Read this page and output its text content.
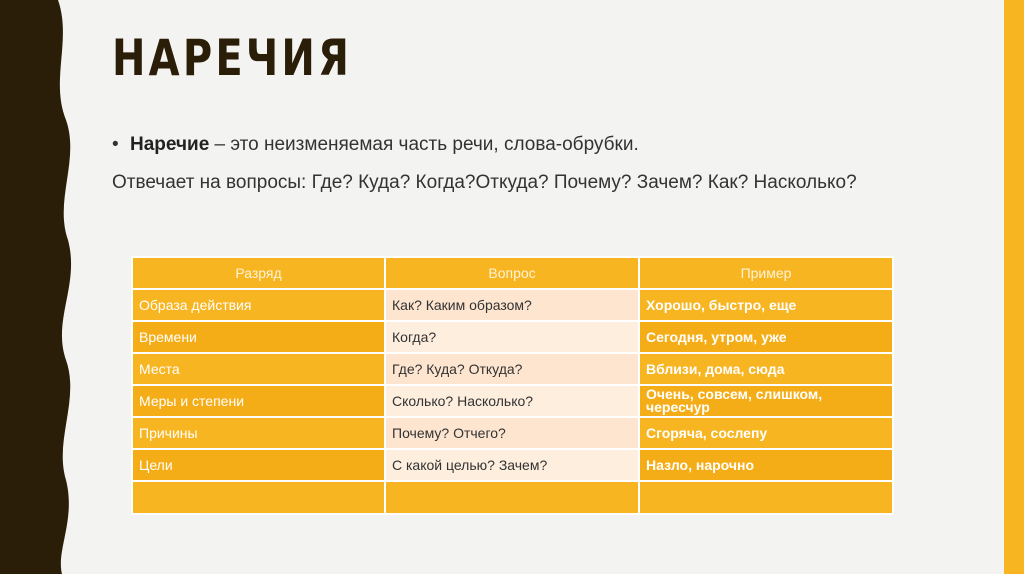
НАРЕЧИЯ
• Наречие – это неизменяемая часть речи, слова-обрубки.
Отвечает на вопросы: Где? Куда? Когда?Откуда? Почему? Зачем? Как? Насколько?
Разряд	Вопрос	Пример
Образа действия	Как? Каким образом?	Хорошо, быстро, еще
Времени	Когда?	Сегодня, утром, уже
Места	Где? Куда? Откуда?	Вблизи, дома, сюда
Меры и степени	Сколько? Насколько?	Очень, совсем, слишком, чересчур

Причины	Почему? Отчего?	Сгоряча, сослепу
Цели	С какой целью? Зачем?	Назло, нарочно
